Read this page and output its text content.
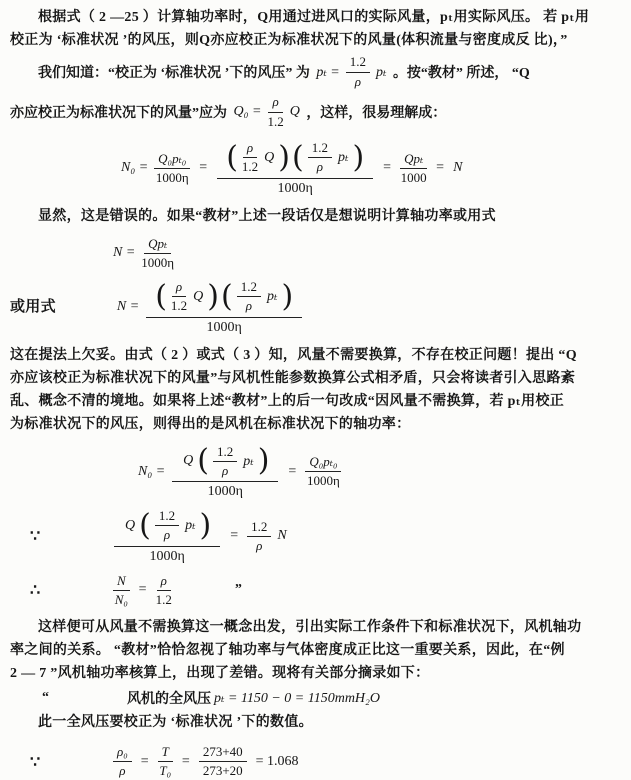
根据式（ 2 —25 ）计算轴功率时，Q用通过进风口的实际风量，pₜ用实际风压。 若 pₜ用
校正为 ‘标准状况 ’的风压，则Q亦应校正为标准状况下的风量(体积流量与密度成反 比)，”
我们知道：“校正为 ‘标准状况 ’下的风压” 为 $p_t = \frac{1.2}{\rho}$ pₜ 。按“教材” 所述， “Q
亦应校正为标准状况下的风量”应为 $Q_0 = \frac{\rho}{1.2}$ Q ，这样，很易理解成：
$N_0 = \frac{\text{Q₀pₜ₀}}{1000\eta}$ = ( $\frac{\rho}{1.2}$ Q ) ( $\frac{1.2}{\rho}$ pₜ )
1000η
= $\frac{\text{Qpₜ}}{1000} = N$
显然，这是错误的。如果“教材”上述一段话仅是想说明计算轴功率或用式
$N = \frac{\text{Qpₜ}}{1000\eta}$
或用式	N = ( $\frac{\rho}{1.2}$ Q ) ( $\frac{1.2}{\rho}$ pₜ )
1000η
这在提法上欠妥。由式（ 2 ）或式（ 3 ）知，风量不需要换算，不存在校正问题！提出 “Q
亦应该校正为标准状况下的风量”与风机性能参数换算公式相矛盾，只会将读者引入思路紊
乱、概念不清的境地。如果将上述“教材”上的后一句改成“因风量不需换算，若 pₜ用校正
为标准状况下的风压，则得出的是风机在标准状况下的轴功率：
N₀ =
Q ( $\frac{1.2}{\rho}$ pₜ )
1000η
= $\frac{\text{Q₀pₜ₀}}{1000\eta}$
∵
Q ( $\frac{1.2}{\rho}$ pₜ )
1000η
= $\frac{1.2}{\rho}$ N
∴	$\frac{N}{\text{N₀}} = \frac{\rho}{1.2}$	”
这样便可从风量不需换算这一概念出发，引出实际工作条件下和标准状况下，风机轴功
率之间的关系。 “教材”恰恰忽视了轴功率与气体密度成正比这一重要关系，因此，在“例
2 — 7 ”风机轴功率核算上，出现了差错。现将有关部分摘录如下：
“	风机的全风压 pₜ = 1150 − 0 = 1150mmH₂O
此一全风压要校正为 ‘标准状况 ’下的数值。
∵	$\frac{\text{ρ₀}}{\rho} = \frac{T}{\text{T₀}} = \frac{273+40}{273+20} = 1.068$
